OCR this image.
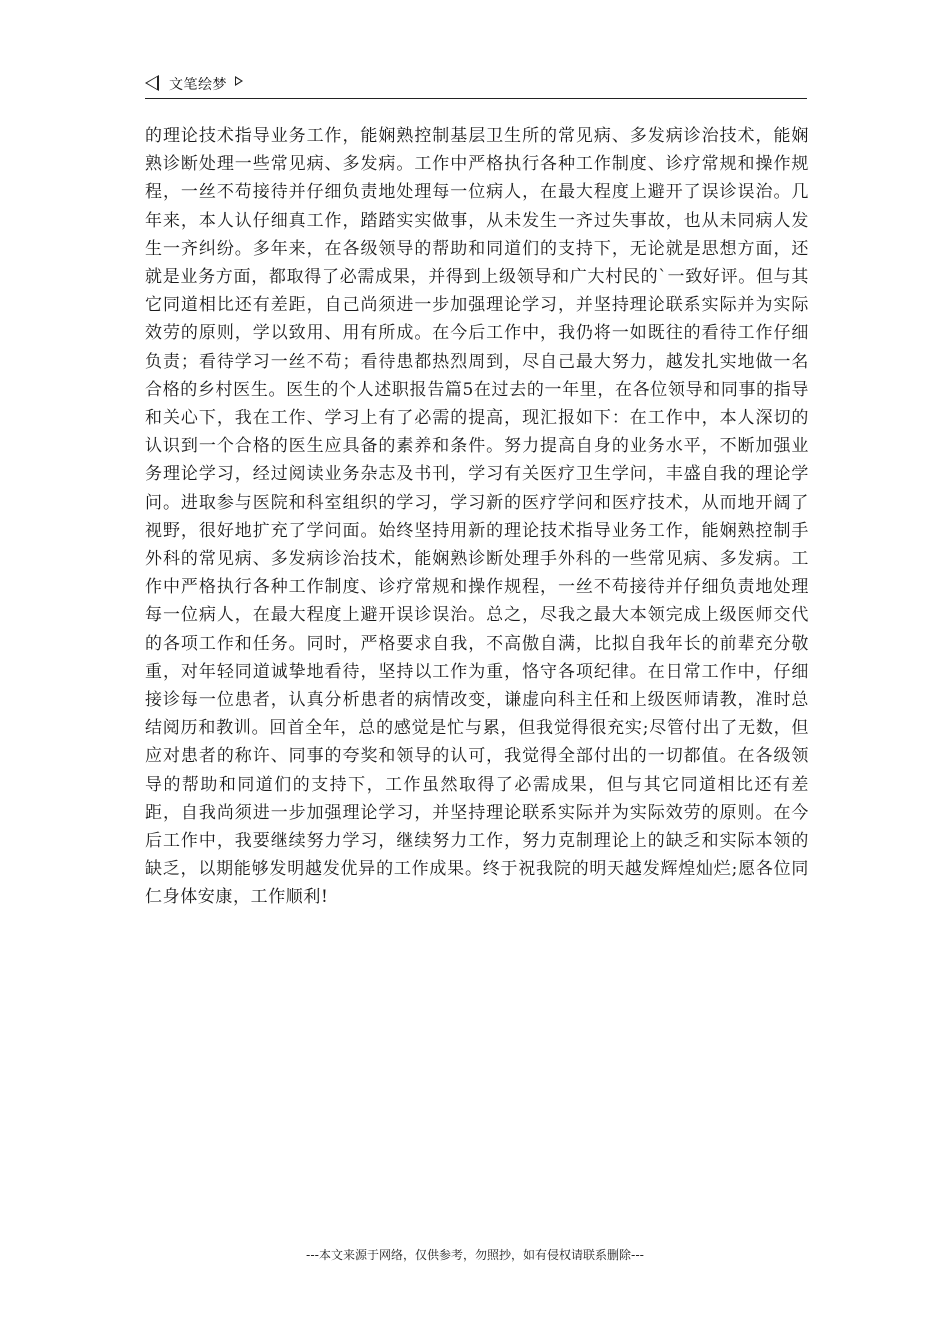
文笔绘梦

的理论技术指导业务工作，能娴熟控制基层卫生所的常见病、多发病诊治技术，能娴熟诊断处理一些常见病、多发病。工作中严格执行各种工作制度、诊疗常规和操作规程，一丝不苟接待并仔细负责地处理每一位病人，在最大程度上避开了误诊误治。几年来，本人认仔细真工作，踏踏实实做事，从未发生一齐过失事故，也从未同病人发生一齐纠纷。多年来，在各级领导的帮助和同道们的支持下，无论就是思想方面，还就是业务方面，都取得了必需成果，并得到上级领导和广大村民的`一致好评。但与其它同道相比还有差距，自己尚须进一步加强理论学习，并坚持理论联系实际并为实际效劳的原则，学以致用、用有所成。在今后工作中，我仍将一如既往的看待工作仔细负责；看待学习一丝不苟；看待患都热烈周到，尽自己最大努力，越发扎实地做一名合格的乡村医生。医生的个人述职报告篇5在过去的一年里，在各位领导和同事的指导和关心下，我在工作、学习上有了必需的提高，现汇报如下：在工作中，本人深切的认识到一个合格的医生应具备的素养和条件。努力提高自身的业务水平，不断加强业务理论学习，经过阅读业务杂志及书刊，学习有关医疗卫生学问，丰盛自我的理论学问。进取参与医院和科室组织的学习，学习新的医疗学问和医疗技术，从而地开阔了视野，很好地扩充了学问面。始终坚持用新的理论技术指导业务工作，能娴熟控制手外科的常见病、多发病诊治技术，能娴熟诊断处理手外科的一些常见病、多发病。工作中严格执行各种工作制度、诊疗常规和操作规程，一丝不苟接待并仔细负责地处理每一位病人，在最大程度上避开误诊误治。总之，尽我之最大本领完成上级医师交代的各项工作和任务。同时，严格要求自我，不高傲自满，比拟自我年长的前辈充分敬重，对年轻同道诚挚地看待，坚持以工作为重，恪守各项纪律。在日常工作中，仔细接诊每一位患者，认真分析患者的病情改变，谦虚向科主任和上级医师请教，准时总结阅历和教训。回首全年，总的感觉是忙与累，但我觉得很充实;尽管付出了无数，但应对患者的称许、同事的夸奖和领导的认可，我觉得全部付出的一切都值。在各级领导的帮助和同道们的支持下，工作虽然取得了必需成果，但与其它同道相比还有差距，自我尚须进一步加强理论学习，并坚持理论联系实际并为实际效劳的原则。在今后工作中，我要继续努力学习，继续努力工作，努力克制理论上的缺乏和实际本领的缺乏，以期能够发明越发优异的工作成果。终于祝我院的明天越发辉煌灿烂;愿各位同仁身体安康，工作顺利!

---本文来源于网络，仅供参考，勿照抄，如有侵权请联系删除---
